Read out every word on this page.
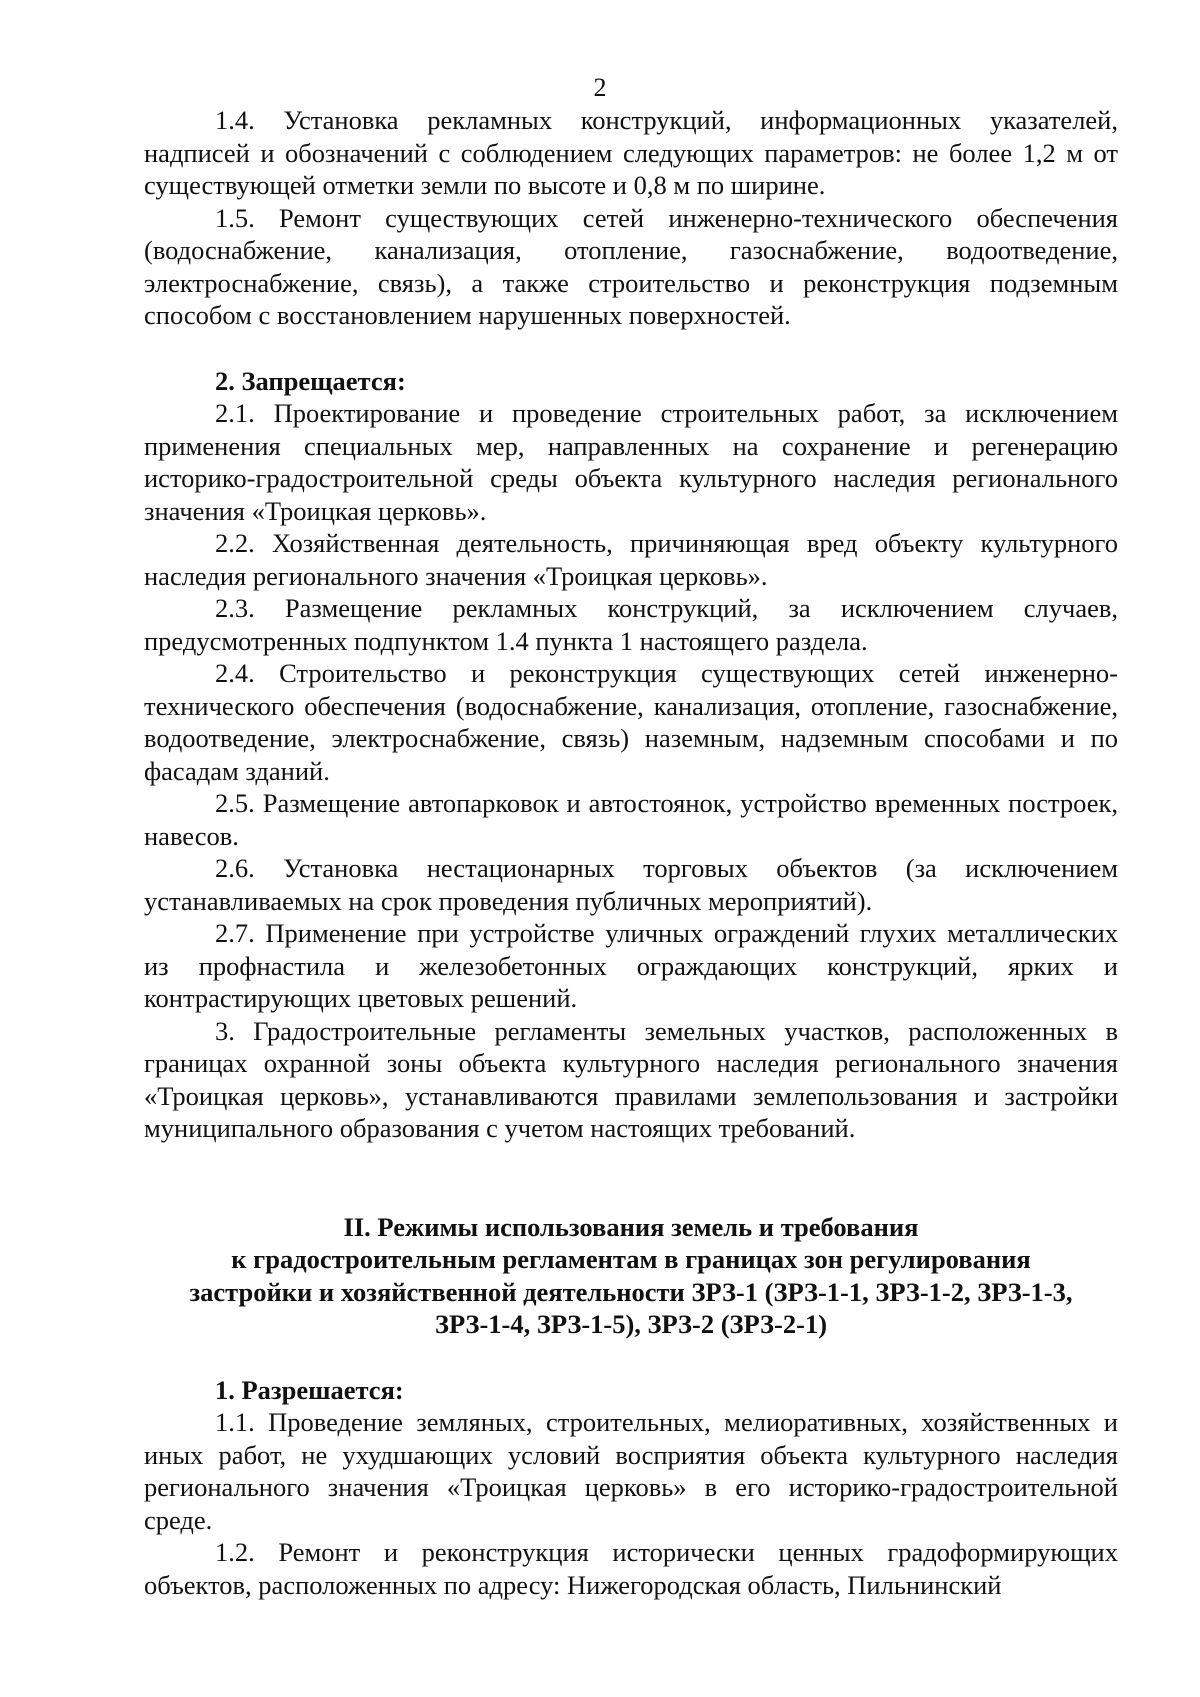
2

1.4. Установка рекламных конструкций, информационных указателей, надписей и обозначений с соблюдением следующих параметров: не более 1,2 м от существующей отметки земли по высоте и 0,8 м по ширине.

1.5. Ремонт существующих сетей инженерно-технического обеспечения (водоснабжение, канализация, отопление, газоснабжение, водоотведение, электроснабжение, связь), а также строительство и реконструкция подземным способом с восстановлением нарушенных поверхностей.

2. Запрещается:

2.1. Проектирование и проведение строительных работ, за исключением применения специальных мер, направленных на сохранение и регенерацию историко-градостроительной среды объекта культурного наследия регионального значения «Троицкая церковь».

2.2. Хозяйственная деятельность, причиняющая вред объекту культурного наследия регионального значения «Троицкая церковь».

2.3. Размещение рекламных конструкций, за исключением случаев, предусмотренных подпунктом 1.4 пункта 1 настоящего раздела.

2.4. Строительство и реконструкция существующих сетей инженерно-технического обеспечения (водоснабжение, канализация, отопление, газоснабжение, водоотведение, электроснабжение, связь) наземным, надземным способами и по фасадам зданий.

2.5. Размещение автопарковок и автостоянок, устройство временных построек, навесов.

2.6. Установка нестационарных торговых объектов (за исключением устанавливаемых на срок проведения публичных мероприятий).

2.7. Применение при устройстве уличных ограждений глухих металлических из профнастила и железобетонных ограждающих конструкций, ярких и контрастирующих цветовых решений.

3. Градостроительные регламенты земельных участков, расположенных в границах охранной зоны объекта культурного наследия регионального значения «Троицкая церковь», устанавливаются правилами землепользования и застройки муниципального образования с учетом настоящих требований.

II. Режимы использования земель и требования
к градостроительным регламентам в границах зон регулирования
застройки и хозяйственной деятельности ЗРЗ-1 (ЗРЗ-1-1, ЗРЗ-1-2, ЗРЗ-1-3,
ЗРЗ-1-4, ЗРЗ-1-5), ЗРЗ-2 (ЗРЗ-2-1)

1. Разрешается:

1.1. Проведение земляных, строительных, мелиоративных, хозяйственных и иных работ, не ухудшающих условий восприятия объекта культурного наследия регионального значения «Троицкая церковь» в его историко-градостроительной среде.

1.2. Ремонт и реконструкция исторически ценных градоформирующих объектов, расположенных по адресу: Нижегородская область, Пильнинский
